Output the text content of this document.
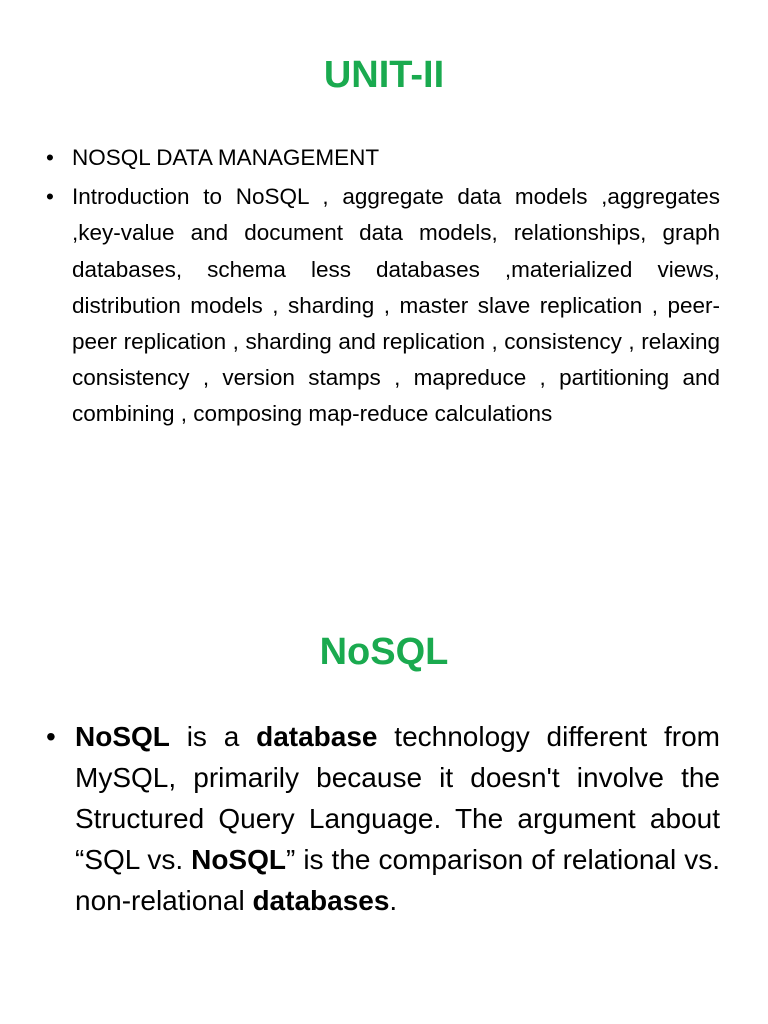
UNIT-II
• NOSQL DATA MANAGEMENT
• Introduction to NoSQL , aggregate data models ,aggregates ,key-value and document data models, relationships, graph databases, schema less databases ,materialized views, distribution models , sharding , master slave replication , peer-peer replication , sharding and replication , consistency , relaxing consistency , version stamps , mapreduce , partitioning and combining , composing map-reduce calculations
NoSQL
• NoSQL is a database technology different from MySQL, primarily because it doesn't involve the Structured Query Language. The argument about “SQL vs. NoSQL” is the comparison of relational vs. non-relational databases.
